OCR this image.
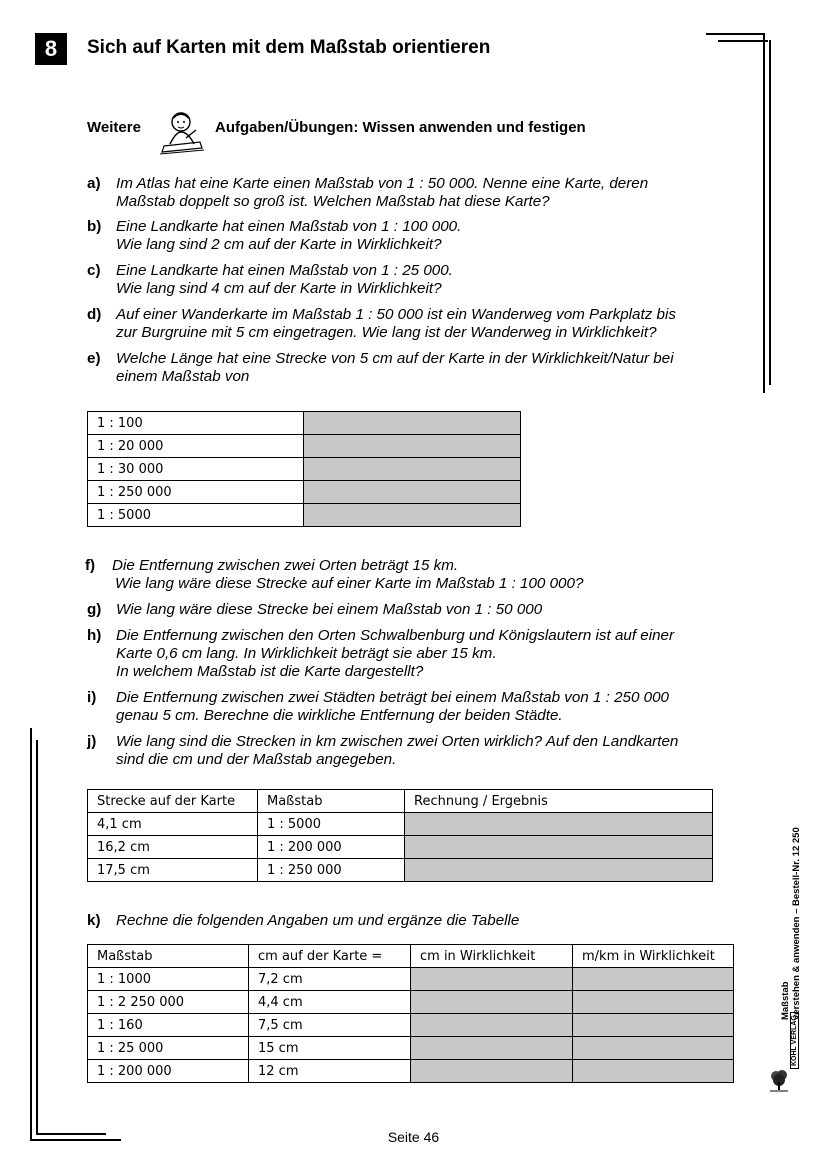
8	Sich auf Karten mit dem Maßstab orientieren
Weitere	Aufgaben/Übungen: Wissen anwenden und festigen
a) Im Atlas hat eine Karte einen Maßstab von 1 : 50 000. Nenne eine Karte, deren
Maßstab doppelt so groß ist. Welchen Maßstab hat diese Karte?
b) Eine Landkarte hat einen Maßstab von 1 : 100 000.
Wie lang sind 2 cm auf der Karte in Wirklichkeit?
c) Eine Landkarte hat einen Maßstab von 1 : 25 000.
Wie lang sind 4 cm auf der Karte in Wirklichkeit?
d) Auf einer Wanderkarte im Maßstab 1 : 50 000 ist ein Wanderweg vom Parkplatz bis
zur Burgruine mit 5 cm eingetragen. Wie lang ist der Wanderweg in Wirklichkeit?
e) Welche Länge hat eine Strecke von 5 cm auf der Karte in der Wirklichkeit/Natur bei
einem Maßstab von
1 : 100	
1 : 20 000	
1 : 30 000	
1 : 250 000	
1 : 5000	
f) Die Entfernung zwischen zwei Orten beträgt 15 km.
Wie lang wäre diese Strecke auf einer Karte im Maßstab 1 : 100 000?
g) Wie lang wäre diese Strecke bei einem Maßstab von 1 : 50 000
h) Die Entfernung zwischen den Orten Schwalbenburg und Königslautern ist auf einer
Karte 0,6 cm lang. In Wirklichkeit beträgt sie aber 15 km.
In welchem Maßstab ist die Karte dargestellt?
i) Die Entfernung zwischen zwei Städten beträgt bei einem Maßstab von 1 : 250 000
genau 5 cm. Berechne die wirkliche Entfernung der beiden Städte.
j) Wie lang sind die Strecken in km zwischen zwei Orten wirklich? Auf den Landkarten
sind die cm und der Maßstab angegeben.
Strecke auf der Karte	Maßstab	Rechnung / Ergebnis
4,1 cm	1 : 5000	
16,2 cm	1 : 200 000	
17,5 cm	1 : 250 000	
k) Rechne die folgenden Angaben um und ergänze die Tabelle
Maßstab	cm auf der Karte =	cm in Wirklichkeit	m/km in Wirklichkeit
1 : 1000	7,2 cm		
1 : 2 250 000	4,4 cm		
1 : 160	7,5 cm		
1 : 25 000	15 cm		
1 : 200 000	12 cm		
Maßstab verstehen & anwenden – Bestell-Nr. 12 250
KOHL VERLAG
Seite 46
